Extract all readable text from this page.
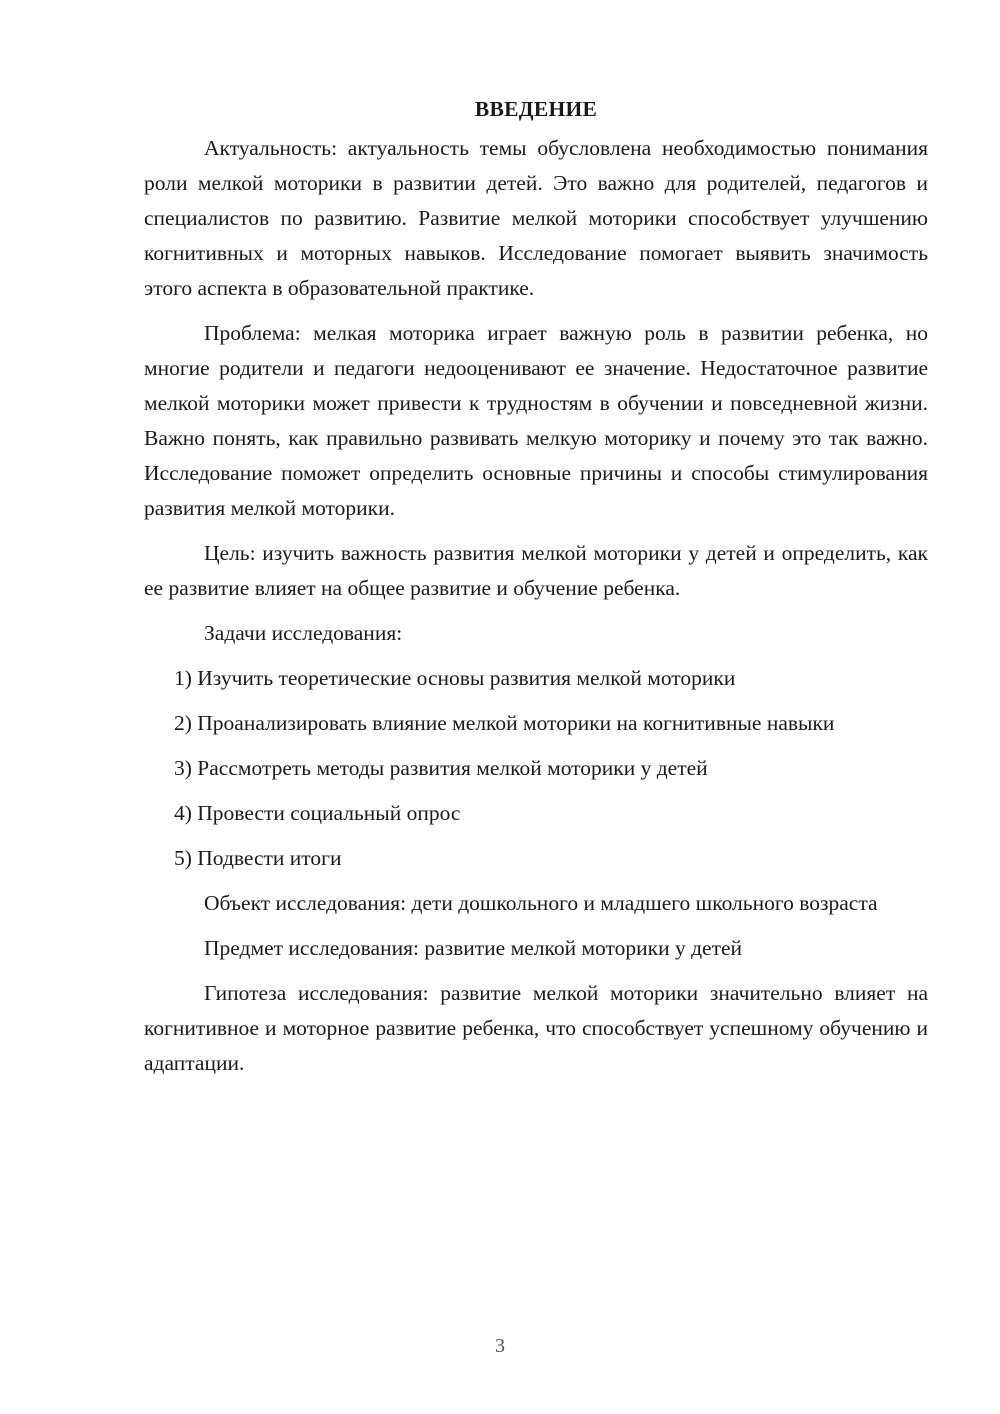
ВВЕДЕНИЕ

Актуальность: актуальность темы обусловлена необходимостью понимания роли мелкой моторики в развитии детей. Это важно для родителей, педагогов и специалистов по развитию. Развитие мелкой моторики способствует улучшению когнитивных и моторных навыков. Исследование помогает выявить значимость этого аспекта в образовательной практике.

Проблема: мелкая моторика играет важную роль в развитии ребенка, но многие родители и педагоги недооценивают ее значение. Недостаточное развитие мелкой моторики может привести к трудностям в обучении и повседневной жизни. Важно понять, как правильно развивать мелкую моторику и почему это так важно. Исследование поможет определить основные причины и способы стимулирования развития мелкой моторики.

Цель: изучить важность развития мелкой моторики у детей и определить, как ее развитие влияет на общее развитие и обучение ребенка.

Задачи исследования:

1) Изучить теоретические основы развития мелкой моторики

2) Проанализировать влияние мелкой моторики на когнитивные навыки

3) Рассмотреть методы развития мелкой моторики у детей

4) Провести социальный опрос

5) Подвести итоги

Объект исследования: дети дошкольного и младшего школьного возраста

Предмет исследования: развитие мелкой моторики у детей

Гипотеза исследования: развитие мелкой моторики значительно влияет на когнитивное и моторное развитие ребенка, что способствует успешному обучению и адаптации.

3
